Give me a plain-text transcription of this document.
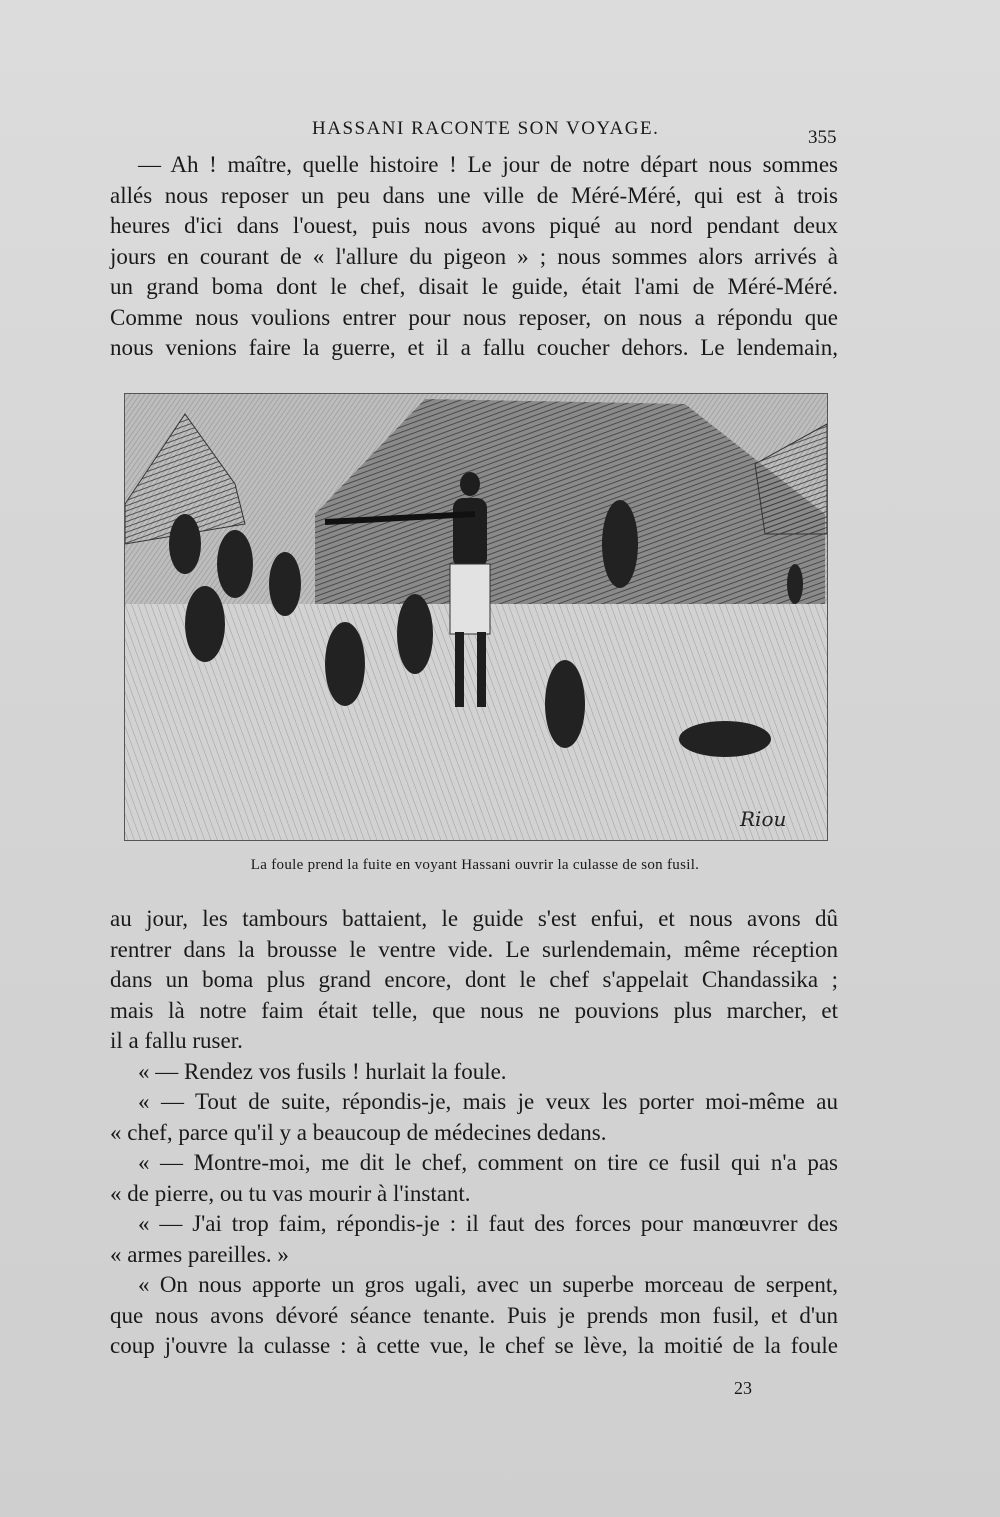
HASSANI RACONTE SON VOYAGE.	355

— Ah ! maître, quelle histoire ! Le jour de notre départ nous sommes

allés nous reposer un peu dans une ville de Méré-Méré, qui est à trois

heures d'ici dans l'ouest, puis nous avons piqué au nord pendant deux

jours en courant de « l'allure du pigeon » ; nous sommes alors arrivés à

un grand boma dont le chef, disait le guide, était l'ami de Méré-Méré.

Comme nous voulions entrer pour nous reposer, on nous a répondu que

nous venions faire la guerre, et il a fallu coucher dehors. Le lendemain,

Riou
La foule prend la fuite en voyant Hassani ouvrir la culasse de son fusil.

au jour, les tambours battaient, le guide s'est enfui, et nous avons dû

rentrer dans la brousse le ventre vide. Le surlendemain, même réception

dans un boma plus grand encore, dont le chef s'appelait Chandassika ;

mais là notre faim était telle, que nous ne pouvions plus marcher, et

il a fallu ruser.

« — Rendez vos fusils ! hurlait la foule.

« — Tout de suite, répondis-je, mais je veux les porter moi-même au

« chef, parce qu'il y a beaucoup de médecines dedans.

« — Montre-moi, me dit le chef, comment on tire ce fusil qui n'a pas

« de pierre, ou tu vas mourir à l'instant.

« — J'ai trop faim, répondis-je : il faut des forces pour manœuvrer des

« armes pareilles. »

« On nous apporte un gros ugali, avec un superbe morceau de serpent,

que nous avons dévoré séance tenante. Puis je prends mon fusil, et d'un

coup j'ouvre la culasse : à cette vue, le chef se lève, la moitié de la foule

23
